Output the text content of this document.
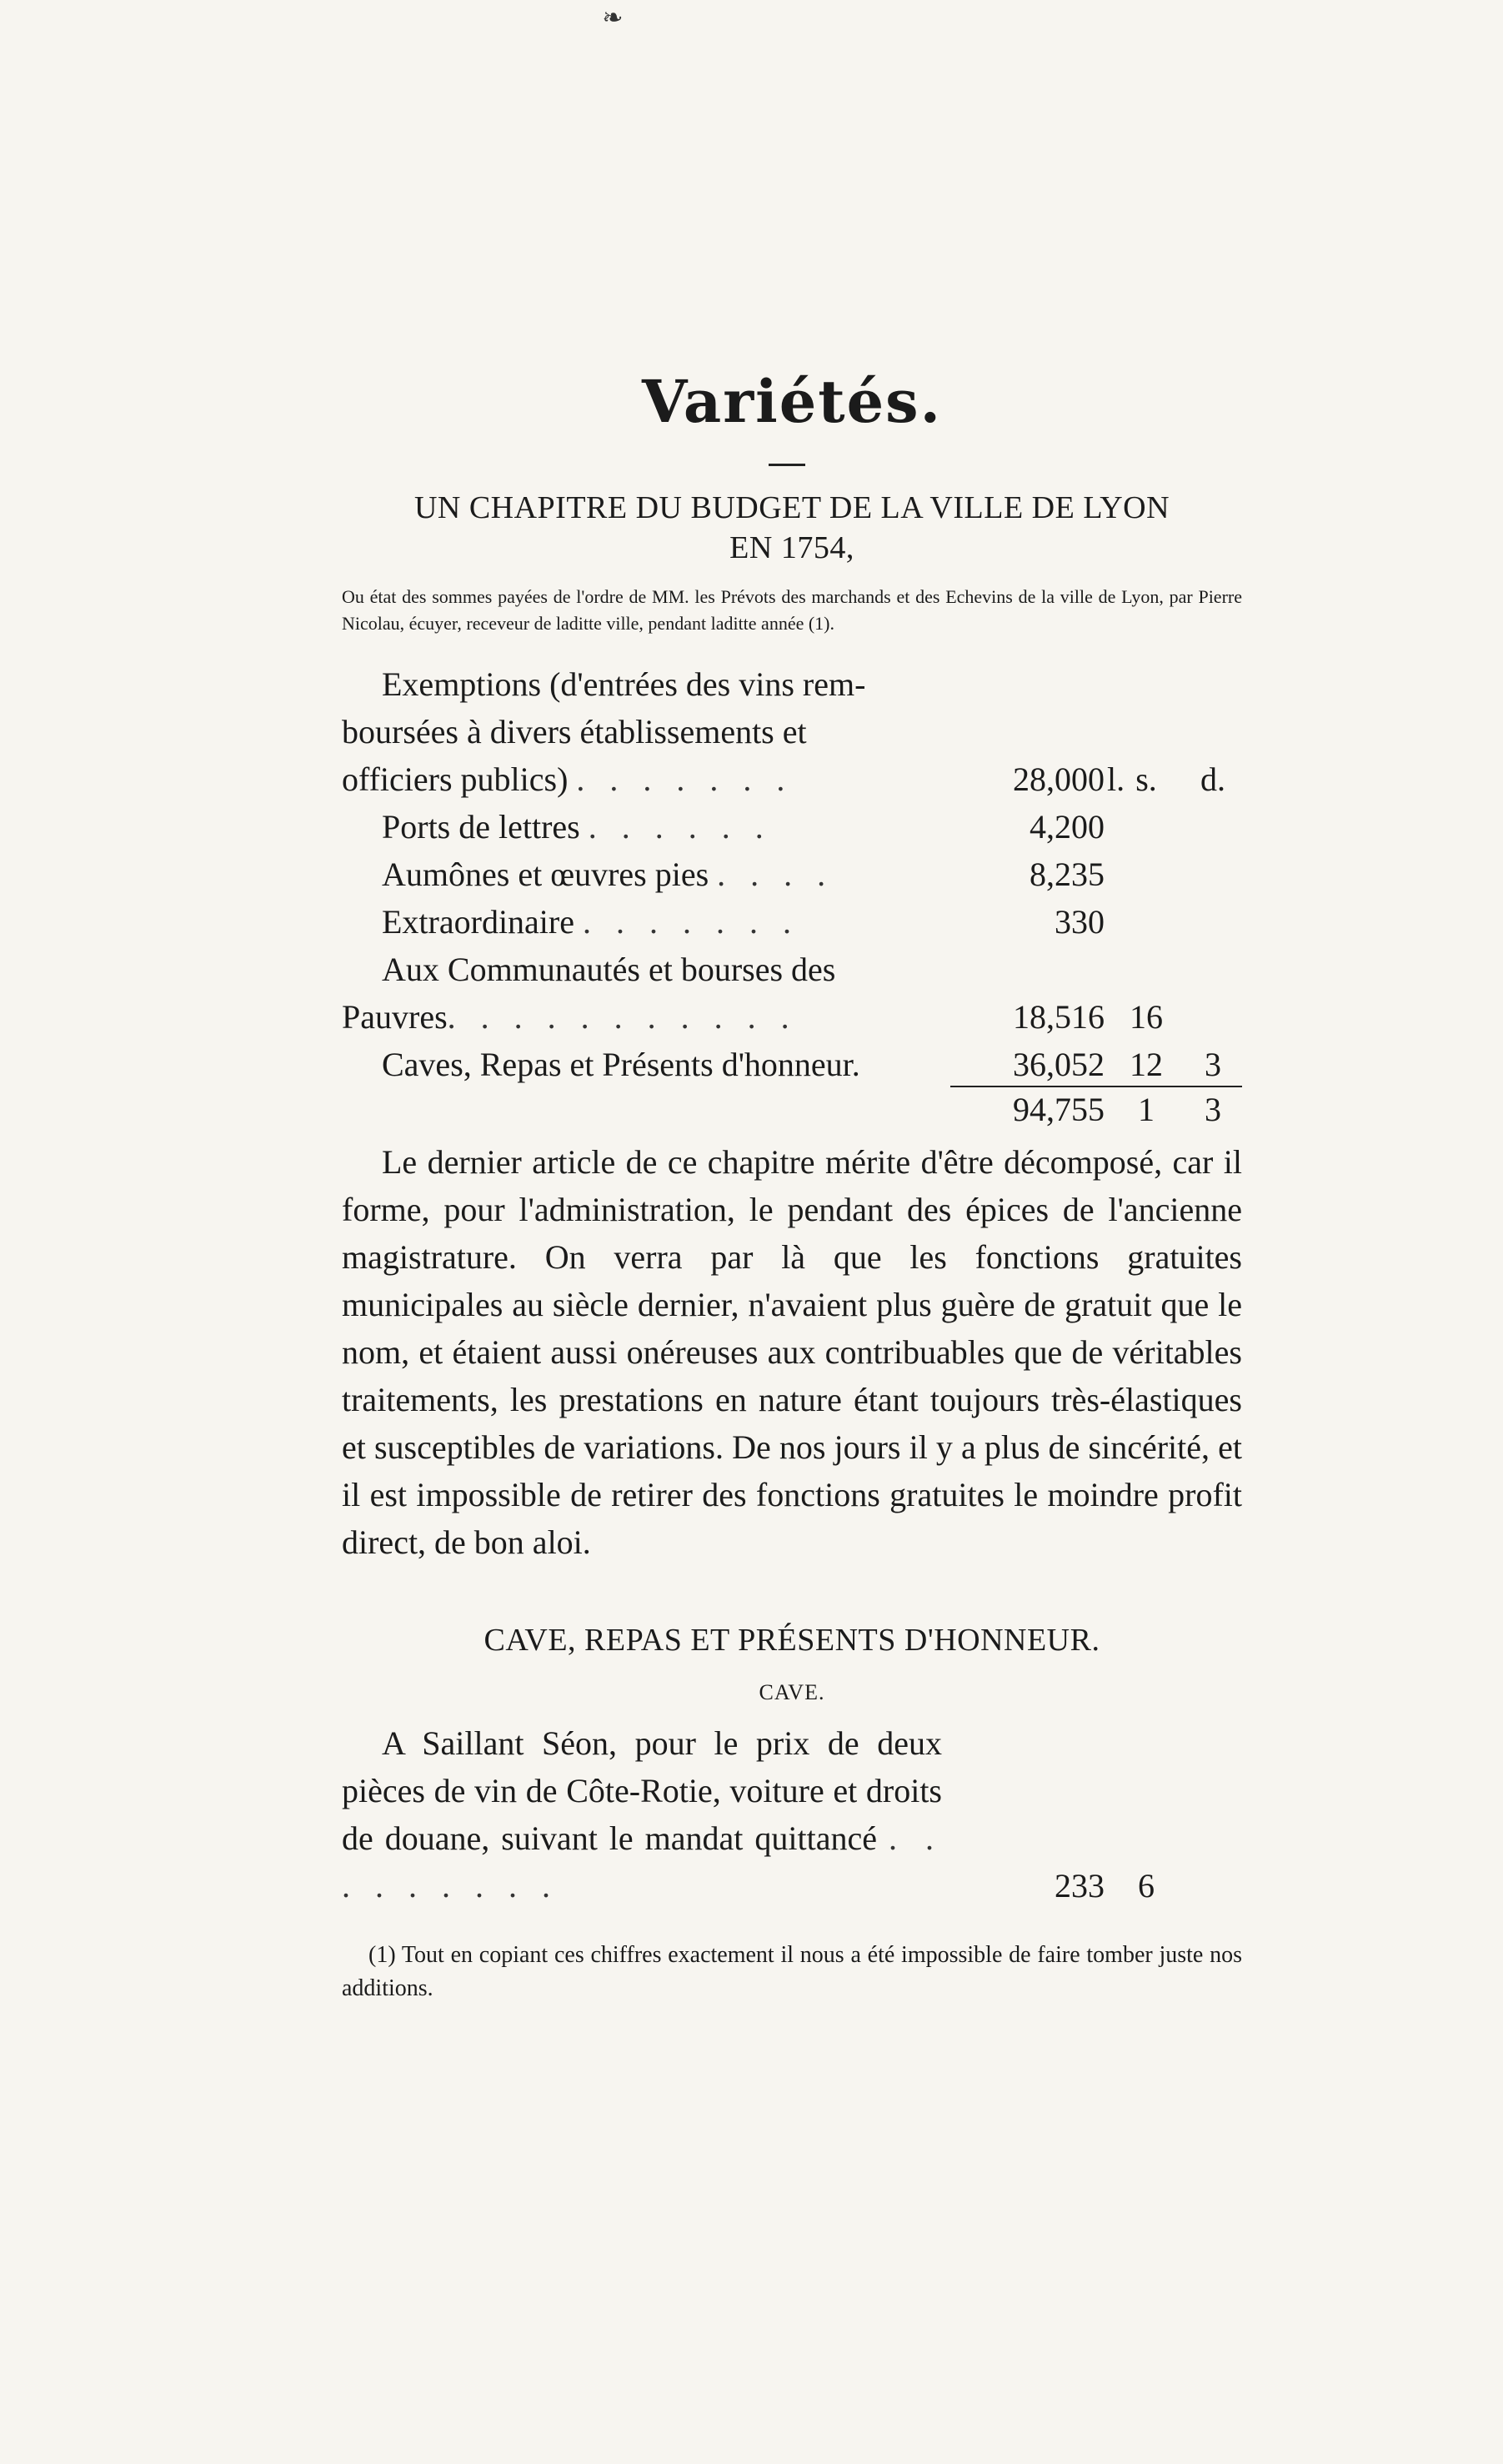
❧
Variétés.
UN CHAPITRE DU BUDGET DE LA VILLE DE LYON
EN 1754,
Ou état des sommes payées de l'ordre de MM. les Prévots des marchands et des Echevins de la ville de Lyon, par Pierre Nicolau, écuyer, receveur de laditte ville, pendant laditte année (1).
Exemptions (d'entrées des vins rem-
boursées à divers établissements et
officiers publics) . . . . . . .	28,000 l. s.	d.
Ports de lettres . . . . . .	4,200
Aumônes et œuvres pies . . . .	8,235
Extraordinaire . . . . . . .	330
Aux Communautés et bourses des
Pauvres. . . . . . . . . . .	18,516 16
Caves, Repas et Présents d'honneur.	36,052 12	3
94,755	1	3
Le dernier article de ce chapitre mérite d'être décomposé, car il forme, pour l'administration, le pendant des épices de l'ancienne magistrature. On verra par là que les fonctions gratuites municipales au siècle dernier, n'avaient plus guère de gratuit que le nom, et étaient aussi onéreuses aux contribuables que de véritables traitements, les prestations en nature étant toujours très-élastiques et susceptibles de variations. De nos jours il y a plus de sincérité, et il est impossible de retirer des fonctions gratuites le moindre profit direct, de bon aloi.
CAVE, REPAS ET PRÉSENTS D'HONNEUR.
CAVE.
A Saillant Séon, pour le prix de deux pièces de vin de Côte-Rotie, voiture et droits de douane, suivant le mandat quittancé . . . . . . . . .	233	6
(1) Tout en copiant ces chiffres exactement il nous a été impossible de faire tomber juste nos additions.
